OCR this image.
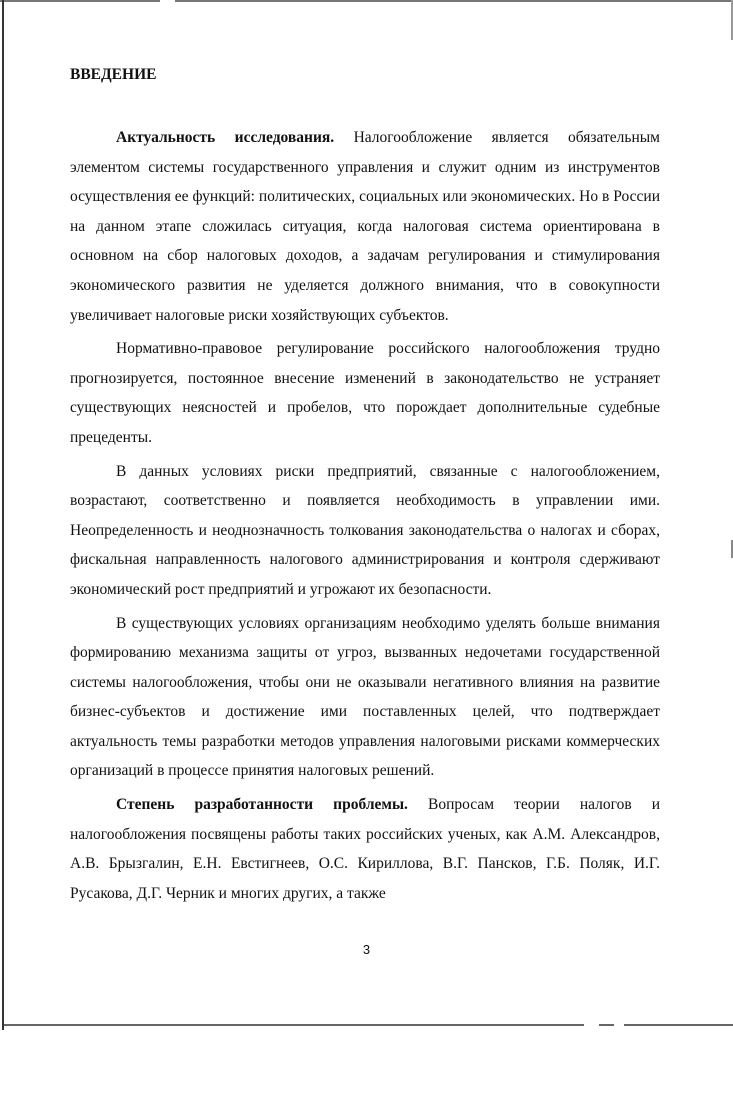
ВВЕДЕНИЕ

Актуальность исследования. Налогообложение является обязательным элементом системы государственного управления и служит одним из инструментов осуществления ее функций: политических, социальных или экономических. Но в России на данном этапе сложилась ситуация, когда налоговая система ориентирована в основном на сбор налоговых доходов, а задачам регулирования и стимулирования экономического развития не уделяется должного внимания, что в совокупности увеличивает налоговые риски хозяйствующих субъектов.

Нормативно-правовое регулирование российского налогообложения трудно прогнозируется, постоянное внесение изменений в законодательство не устраняет существующих неясностей и пробелов, что порождает дополнительные судебные прецеденты.

В данных условиях риски предприятий, связанные с налогообложением, возрастают, соответственно и появляется необходимость в управлении ими. Неопределенность и неоднозначность толкования законодательства о налогах и сборах, фискальная направленность налогового администрирования и контроля сдерживают экономический рост предприятий и угрожают их безопасности.

В существующих условиях организациям необходимо уделять больше внимания формированию механизма защиты от угроз, вызванных недочетами государственной системы налогообложения, чтобы они не оказывали негативного влияния на развитие бизнес-субъектов и достижение ими поставленных целей, что подтверждает актуальность темы разработки методов управления налоговыми рисками коммерческих организаций в процессе принятия налоговых решений.

Степень разработанности проблемы. Вопросам теории налогов и налогообложения посвящены работы таких российских ученых, как А.М. Александров, А.В. Брызгалин, Е.Н. Евстигнеев, О.С. Кириллова, В.Г. Пансков, Г.Б. Поляк, И.Г. Русакова, Д.Г. Черник и многих других, а также

3
